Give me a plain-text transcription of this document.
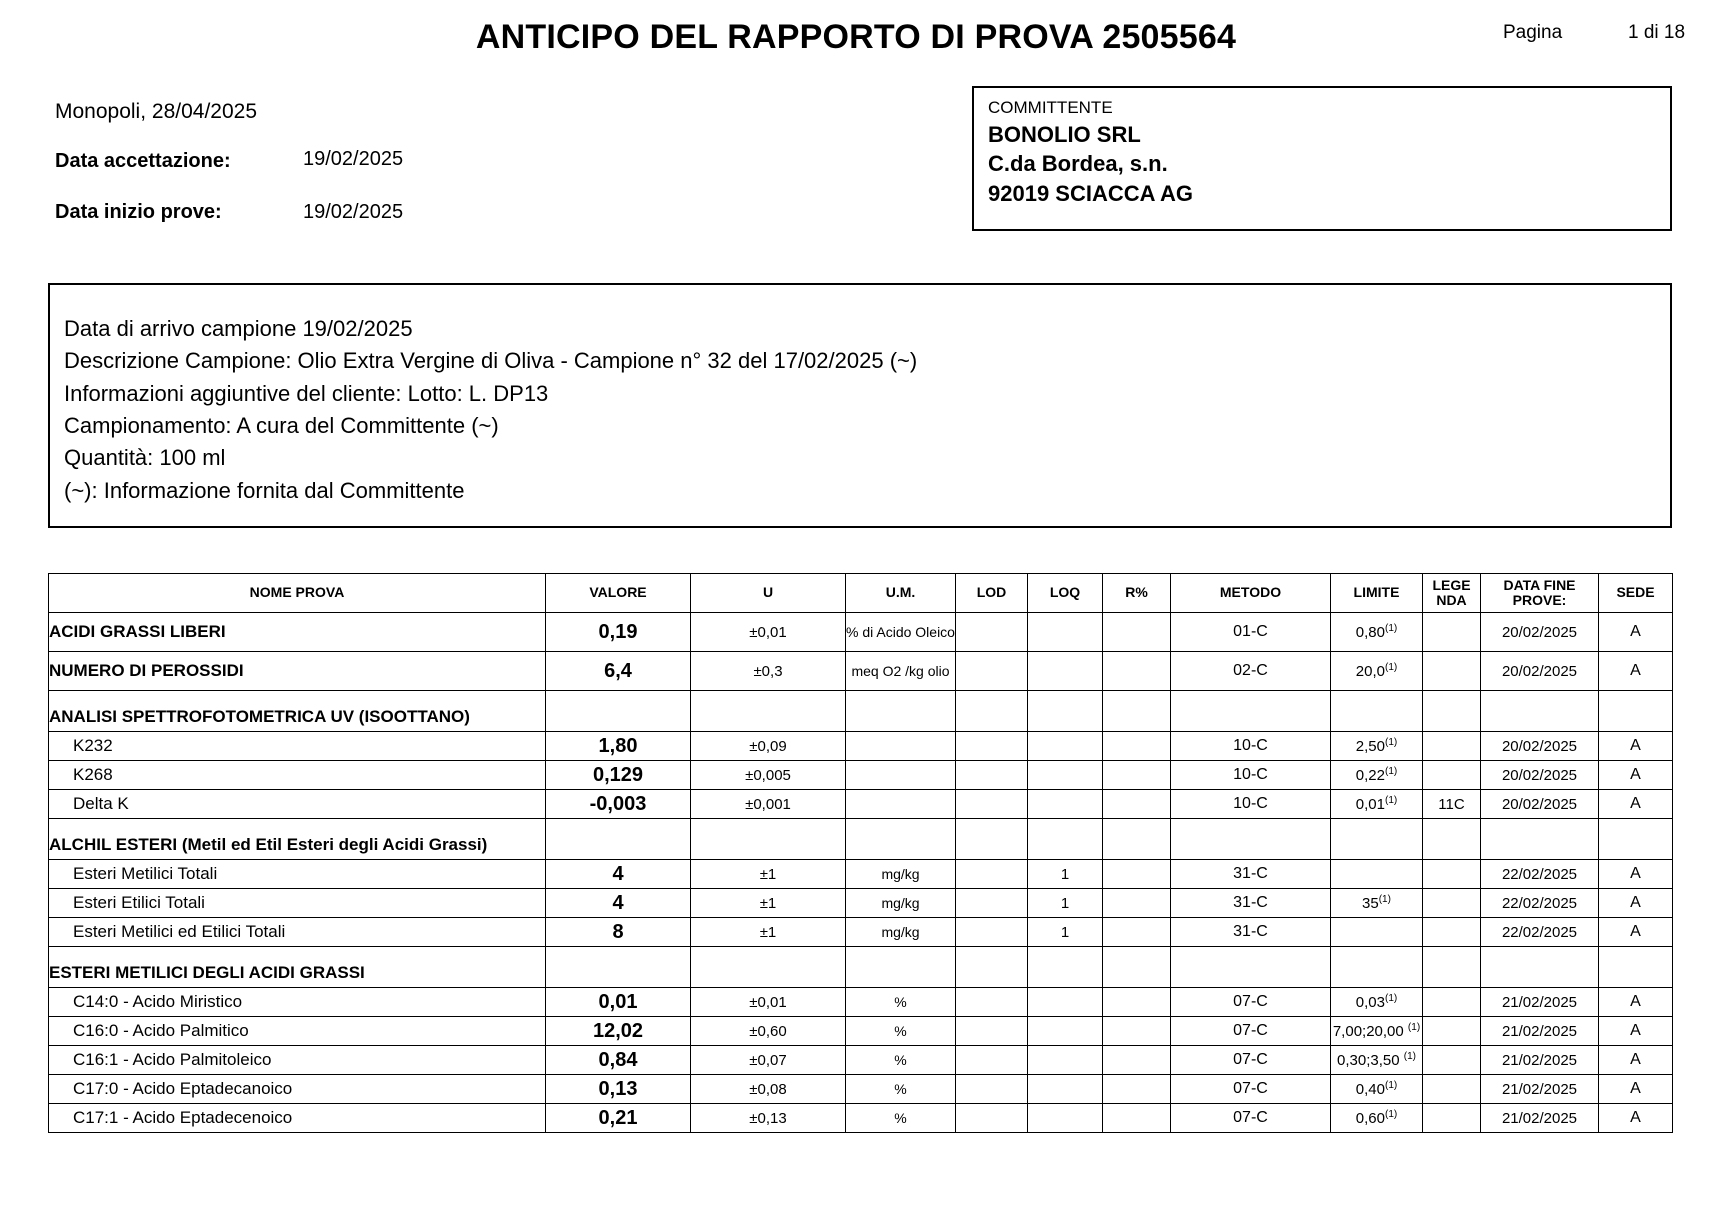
ANTICIPO DEL RAPPORTO DI PROVA 2505564	Pagina	1 di 18
Monopoli, 28/04/2025
Data accettazione:	19/02/2025
Data inizio prove:	19/02/2025
COMMITTENTE
BONOLIO SRL
C.da Bordea, s.n.
92019 SCIACCA AG
Data di arrivo campione 19/02/2025
Descrizione Campione: Olio Extra Vergine di Oliva - Campione n° 32 del 17/02/2025 (~)
Informazioni aggiuntive del cliente: Lotto: L. DP13
Campionamento: A cura del Committente (~)
Quantità: 100 ml
(~): Informazione fornita dal Committente
NOME PROVA	VALORE	U	U.M.	LOD	LOQ	R%	METODO	LIMITE	LEGE NDA	DATA FINE PROVE:	SEDE
ACIDI GRASSI LIBERI	0,19	±0,01	% di Acido Oleico				01-C	0,80$^{(1)}$		20/02/2025	A
NUMERO DI PEROSSIDI	6,4	±0,3	meq O2 /kg olio				02-C	20,0$^{(1)}$		20/02/2025	A
ANALISI SPETTROFOTOMETRICA UV (ISOOTTANO)											
K232	1,80	±0,09					10-C	2,50$^{(1)}$		20/02/2025	A
K268	0,129	±0,005					10-C	0,22$^{(1)}$		20/02/2025	A
Delta K	-0,003	±0,001					10-C	0,01$^{(1)}$	11C	20/02/2025	A
ALCHIL ESTERI (Metil ed Etil Esteri degli Acidi Grassi)											
Esteri Metilici Totali	4	±1	mg/kg		1		31-C			22/02/2025	A
Esteri Etilici Totali	4	±1	mg/kg		1		31-C	35$^{(1)}$		22/02/2025	A
Esteri Metilici ed Etilici Totali	8	±1	mg/kg		1		31-C			22/02/2025	A
ESTERI METILICI DEGLI ACIDI GRASSI											
C14:0 - Acido Miristico	0,01	±0,01	%				07-C	0,03$^{(1)}$		21/02/2025	A
C16:0 - Acido Palmitico	12,02	±0,60	%				07-C	7,00;20,00 $^{(1)}$		21/02/2025	A
C16:1 - Acido Palmitoleico	0,84	±0,07	%				07-C	0,30;3,50 $^{(1)}$		21/02/2025	A
C17:0 - Acido Eptadecanoico	0,13	±0,08	%				07-C	0,40$^{(1)}$		21/02/2025	A
C17:1 - Acido Eptadecenoico	0,21	±0,13	%				07-C	0,60$^{(1)}$		21/02/2025	A
